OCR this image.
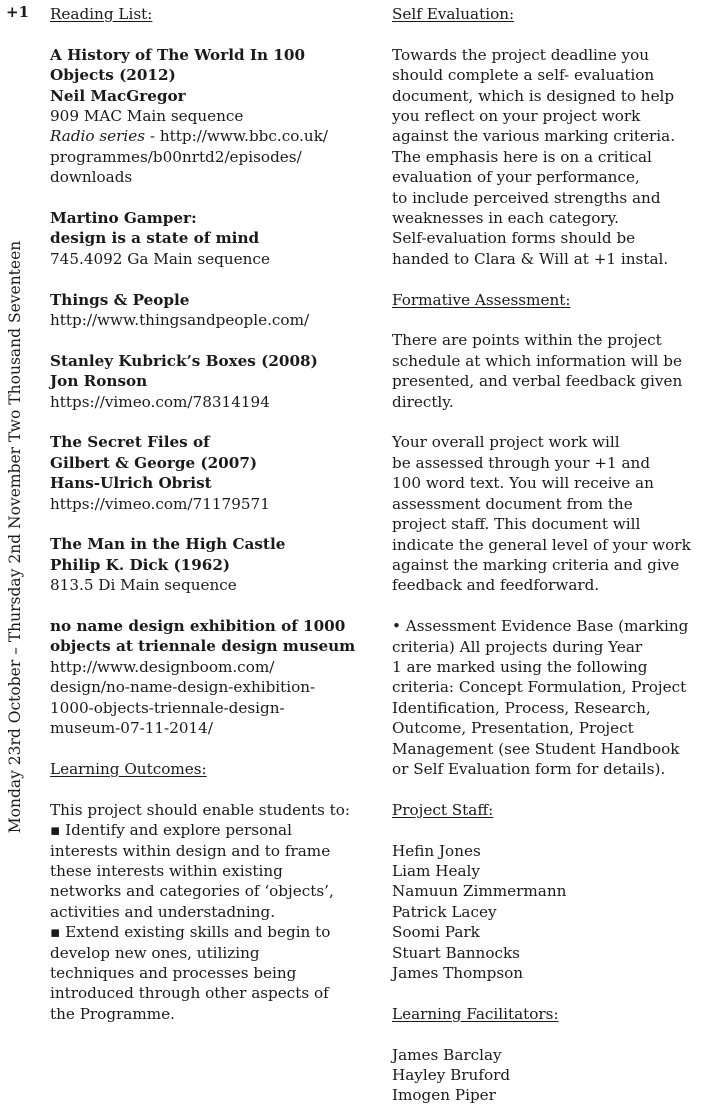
+1
Monday 23rd October – Thursday 2nd November Two Thousand Seventeen
Reading List:
A History of The World In 100
Objects (2012)
Neil MacGregor
909 MAC Main sequence
Radio series - http://www.bbc.co.uk/
programmes/b00nrtd2/episodes/
downloads
Martino Gamper:
design is a state of mind
745.4092 Ga Main sequence
Things & People
http://www.thingsandpeople.com/
Stanley Kubrick’s Boxes (2008)
Jon Ronson
https://vimeo.com/78314194
The Secret Files of
Gilbert & George (2007)
Hans-Ulrich Obrist
https://vimeo.com/71179571
The Man in the High Castle
Philip K. Dick (1962)
813.5 Di Main sequence
no name design exhibition of 1000
objects at triennale design museum
http://www.designboom.com/
design/no-name-design-exhibition-
1000-objects-triennale-design-
museum-07-11-2014/
Learning Outcomes:
This project should enable students to:
▪ Identify and explore personal
interests within design and to frame
these interests within existing
networks and categories of ‘objects’,
activities and understadning.
▪ Extend existing skills and begin to
develop new ones, utilizing
techniques and processes being
introduced through other aspects of
the Programme.
Self Evaluation:
Towards the project deadline you
should complete a self- evaluation
document, which is designed to help
you reflect on your project work
against the various marking criteria.
The emphasis here is on a critical
evaluation of your performance,
to include perceived strengths and
weaknesses in each category.
Self-evaluation forms should be
handed to Clara & Will at +1 instal.
Formative Assessment:
There are points within the project
schedule at which information will be
presented, and verbal feedback given
directly.
Your overall project work will
be assessed through your +1 and
100 word text. You will receive an
assessment document from the
project staff. This document will
indicate the general level of your work
against the marking criteria and give
feedback and feedforward.
• Assessment Evidence Base (marking
criteria) All projects during Year
1 are marked using the following
criteria: Concept Formulation, Project
Identification, Process, Research,
Outcome, Presentation, Project
Management (see Student Handbook
or Self Evaluation form for details).
Project Staff:
Hefin Jones
Liam Healy
Namuun Zimmermann
Patrick Lacey
Soomi Park
Stuart Bannocks
James Thompson
Learning Facilitators:
James Barclay
Hayley Bruford
Imogen Piper
